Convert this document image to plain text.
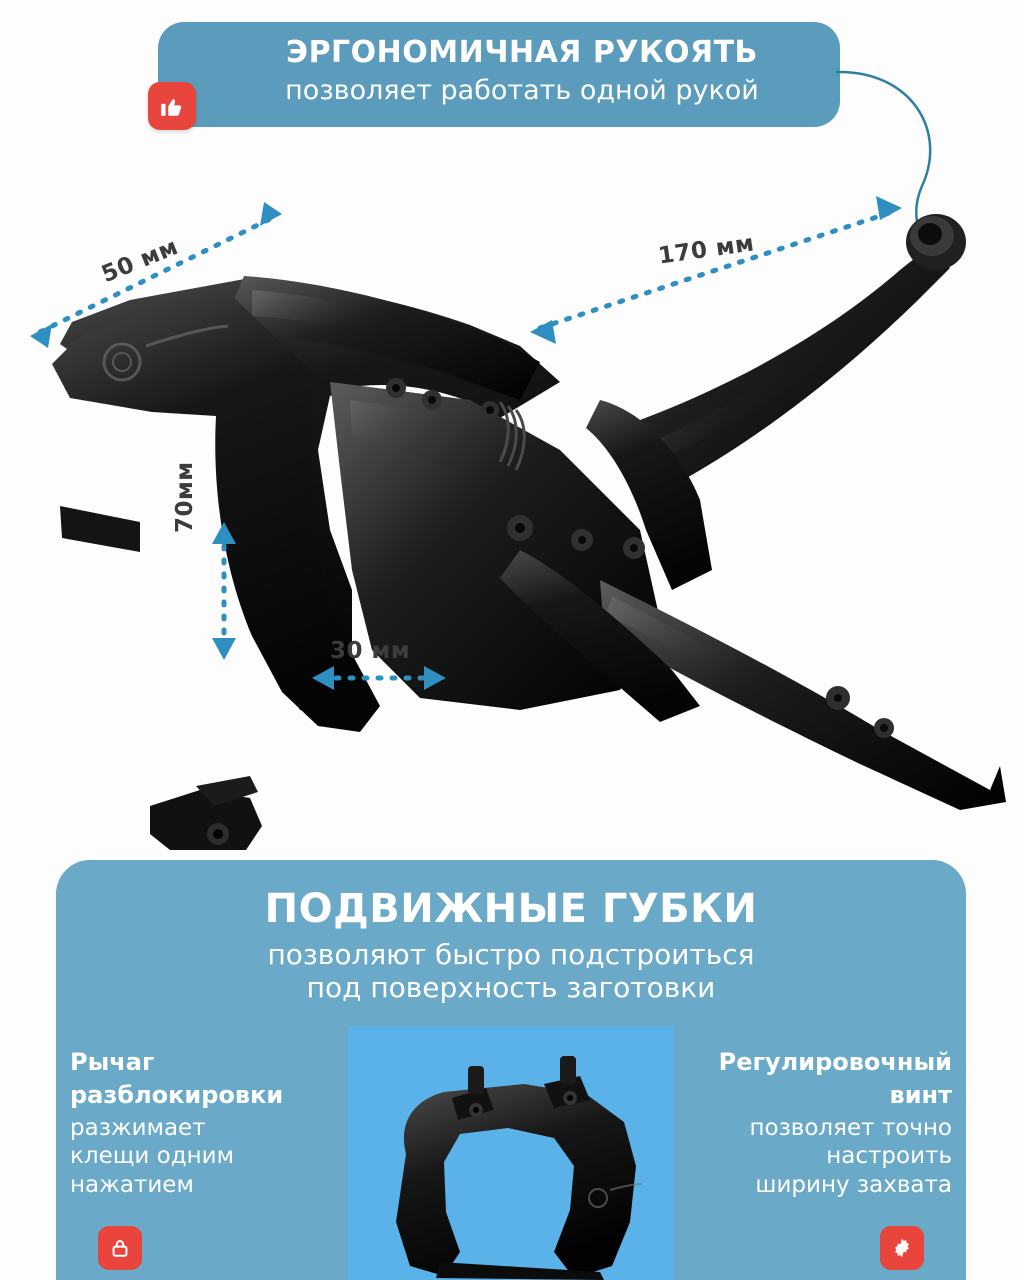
ЭРГОНОМИЧНАЯ РУКОЯТЬ
позволяет работать одной рукой
50 мм	170 мм
70мм
30 мм
ПОДВИЖНЫЕ ГУБКИ
позволяют быстро подстроиться
под поверхность заготовки
Рычаг
разблокировки
разжимает
клещи одним
нажатием
Регулировочный
винт
позволяет точно
настроить
ширину захвата
